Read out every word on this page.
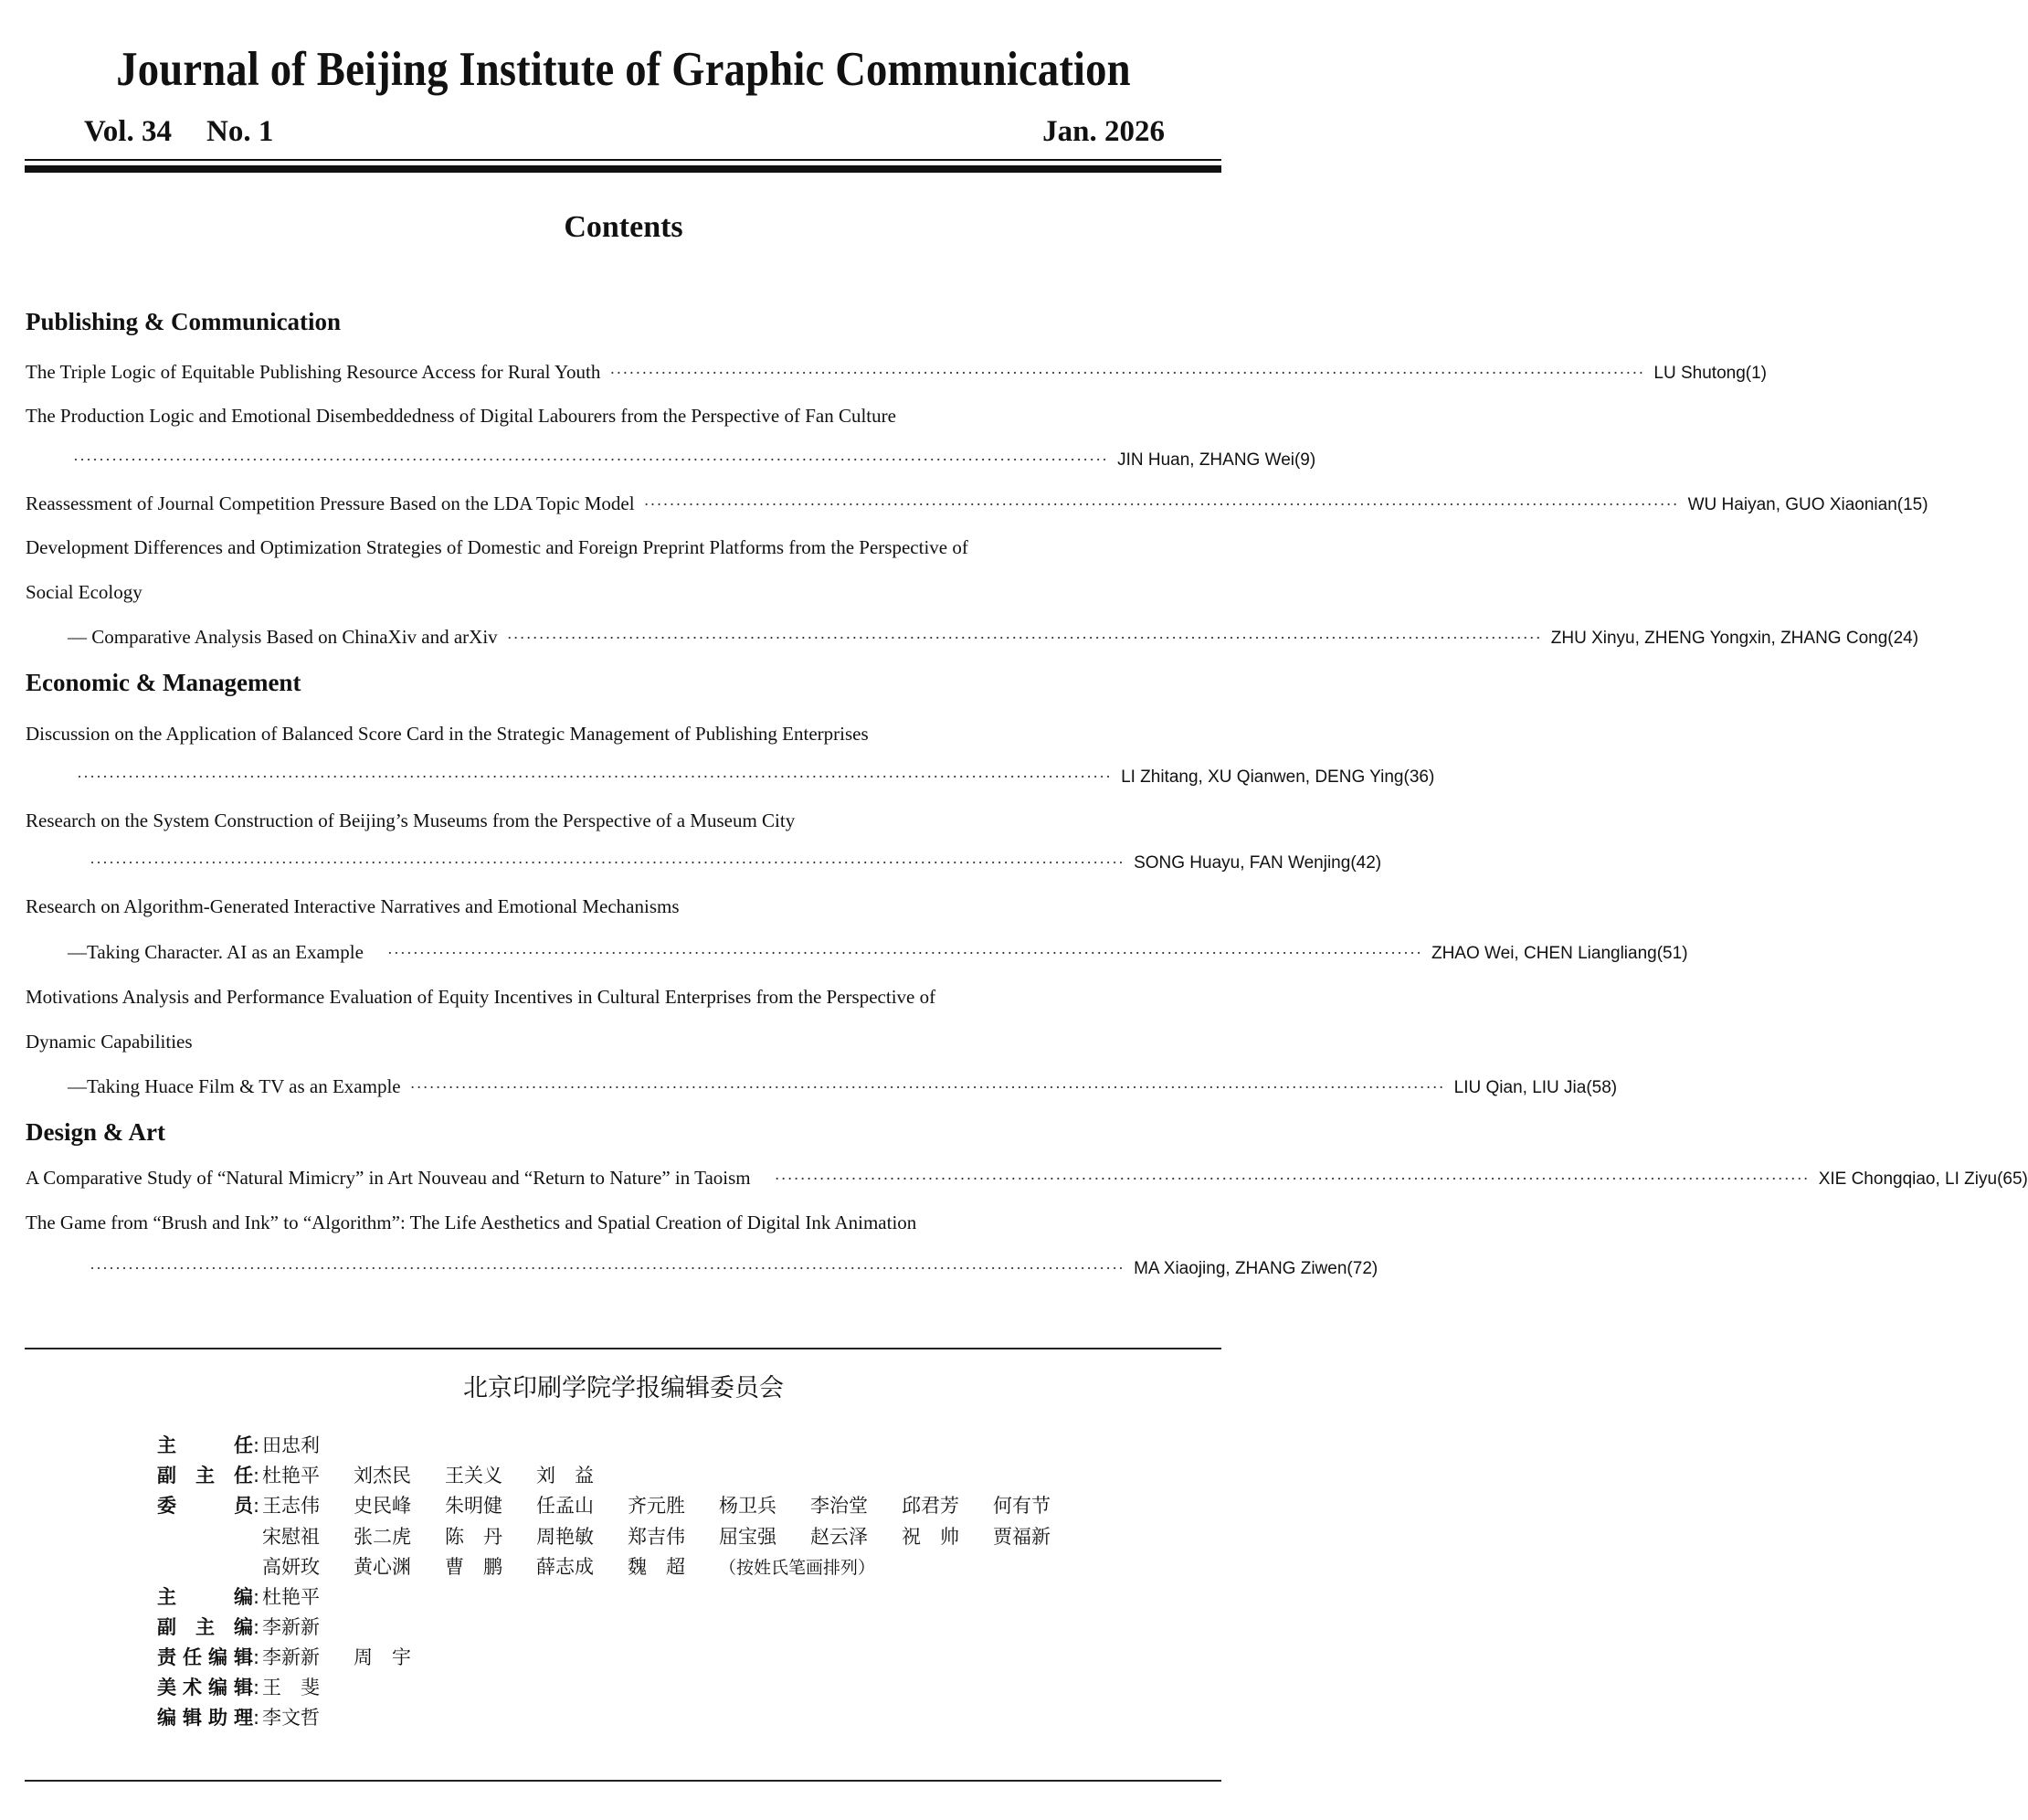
Journal of Beijing Institute of Graphic Communication
Vol. 34 No. 1	Jan. 2026
Contents
Publishing & Communication
The Triple Logic of Equitable Publishing Resource Access for Rural Youth ·································································································································································· LU Shutong(1)
The Production Logic and Emotional Disembeddedness of Digital Labourers from the Perspective of Fan Culture
·································································································································································· JIN Huan, ZHANG Wei(9)
Reassessment of Journal Competition Pressure Based on the LDA Topic Model ·································································································································································· WU Haiyan, GUO Xiaonian(15)
Development Differences and Optimization Strategies of Domestic and Foreign Preprint Platforms from the Perspective of
Social Ecology
— Comparative Analysis Based on ChinaXiv and arXiv ·································································································································································· ZHU Xinyu, ZHENG Yongxin, ZHANG Cong(24)
Economic & Management
Discussion on the Application of Balanced Score Card in the Strategic Management of Publishing Enterprises
·································································································································································· LI Zhitang, XU Qianwen, DENG Ying(36)
Research on the System Construction of Beijing’s Museums from the Perspective of a Museum City
·································································································································································· SONG Huayu, FAN Wenjing(42)
Research on Algorithm-Generated Interactive Narratives and Emotional Mechanisms
—Taking Character. AI as an Example ·································································································································································· ZHAO Wei, CHEN Liangliang(51)
Motivations Analysis and Performance Evaluation of Equity Incentives in Cultural Enterprises from the Perspective of
Dynamic Capabilities
—Taking Huace Film & TV as an Example ·································································································································································· LIU Qian, LIU Jia(58)
Design & Art
A Comparative Study of “Natural Mimicry” in Art Nouveau and “Return to Nature” in Taoism ·································································································································································· XIE Chongqiao, LI Ziyu(65)
The Game from “Brush and Ink” to “Algorithm”: The Life Aesthetics and Spatial Creation of Digital Ink Animation
·································································································································································· MA Xiaojing, ZHANG Ziwen(72)
北京印刷学院学报编辑委员会
主任 : 田忠利
副主任 : 杜艳平 刘杰民 王关义 刘　益
委员 : 王志伟 史民峰 朱明健 任孟山 齐元胜 杨卫兵 李治堂 邱君芳 何有节
宋慰祖 张二虎 陈　丹 周艳敏 郑吉伟 屈宝强 赵云泽 祝　帅 贾福新
高妍玫 黄心渊 曹　鹏 薛志成 魏　超 （按姓氏笔画排列）
主编 : 杜艳平
副主编 : 李新新
责任编辑 : 李新新 周　宇
美术编辑 : 王　斐
编辑助理 : 李文哲
